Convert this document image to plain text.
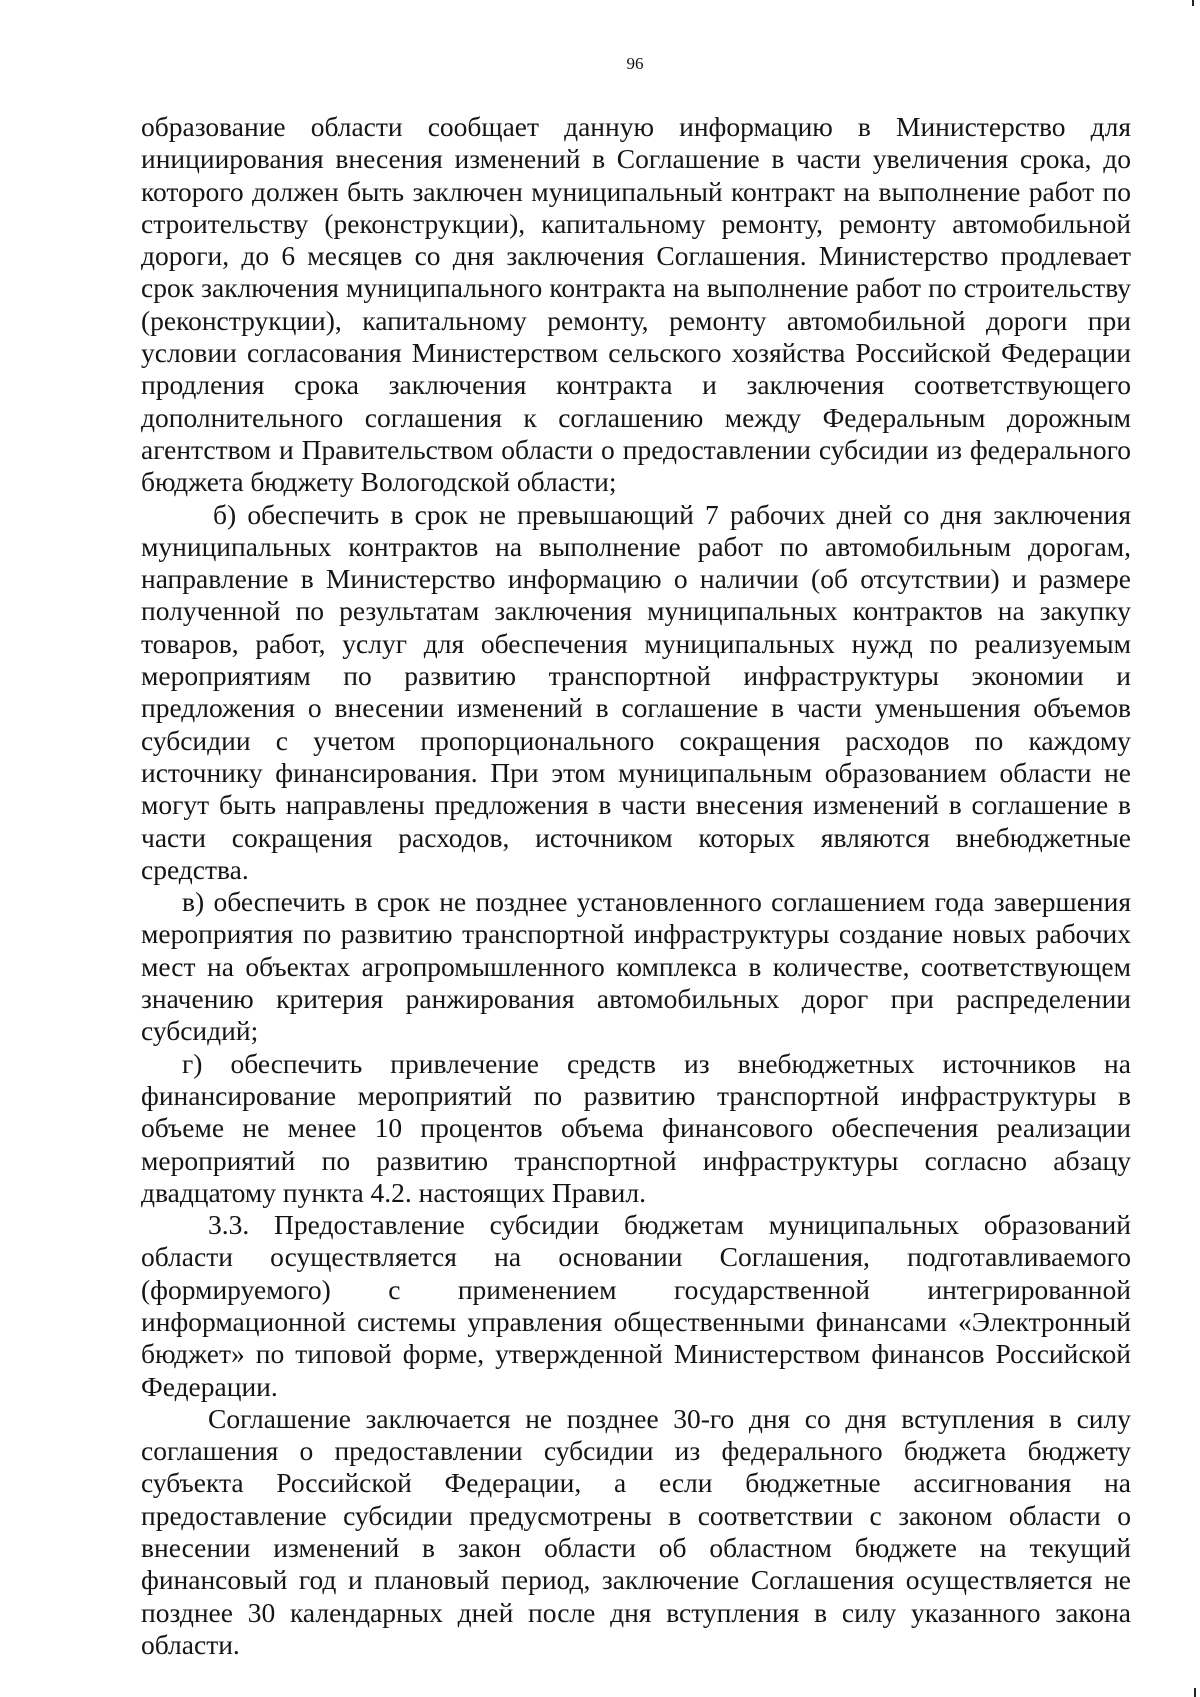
96

образование области сообщает данную информацию в Министерство для инициирования внесения изменений в Соглашение в части увеличения срока, до которого должен быть заключен муниципальный контракт на выполнение работ по строительству (реконструкции), капитальному ремонту, ремонту автомобильной дороги, до 6 месяцев со дня заключения Соглашения. Министерство продлевает срок заключения муниципального контракта на выполнение работ по строительству (реконструкции), капитальному ремонту, ремонту автомобильной дороги при условии согласования Министерством сельского хозяйства Российской Федерации продления срока заключения контракта и заключения соответствующего дополнительного соглашения к соглашению между Федеральным дорожным агентством и Правительством области о предоставлении субсидии из федерального бюджета бюджету Вологодской области;

б) обеспечить в срок не превышающий 7 рабочих дней со дня заключения муниципальных контрактов на выполнение работ по автомобильным дорогам, направление в Министерство информацию о наличии (об отсутствии) и размере полученной по результатам заключения муниципальных контрактов на закупку товаров, работ, услуг для обеспечения муниципальных нужд по реализуемым мероприятиям по развитию транспортной инфраструктуры экономии и предложения о внесении изменений в соглашение в части уменьшения объемов субсидии с учетом пропорционального сокращения расходов по каждому источнику финансирования. При этом муниципальным образованием области не могут быть направлены предложения в части внесения изменений в соглашение в части сокращения расходов, источником которых являются внебюджетные средства.

в) обеспечить в срок не позднее установленного соглашением года завершения мероприятия по развитию транспортной инфраструктуры создание новых рабочих мест на объектах агропромышленного комплекса в количестве, соответствующем значению критерия ранжирования автомобильных дорог при распределении субсидий;

г) обеспечить привлечение средств из внебюджетных источников на финансирование мероприятий по развитию транспортной инфраструктуры в объеме не менее 10 процентов объема финансового обеспечения реализации мероприятий по развитию транспортной инфраструктуры согласно абзацу двадцатому пункта 4.2. настоящих Правил.

3.3. Предоставление субсидии бюджетам муниципальных образований области осуществляется на основании Соглашения, подготавливаемого (формируемого) с применением государственной интегрированной информационной системы управления общественными финансами «Электронный бюджет» по типовой форме, утвержденной Министерством финансов Российской Федерации.

Соглашение заключается не позднее 30-го дня со дня вступления в силу соглашения о предоставлении субсидии из федерального бюджета бюджету субъекта Российской Федерации, а если бюджетные ассигнования на предоставление субсидии предусмотрены в соответствии с законом области о внесении изменений в закон области об областном бюджете на текущий финансовый год и плановый период, заключение Соглашения осуществляется не позднее 30 календарных дней после дня вступления в силу указанного закона области.
